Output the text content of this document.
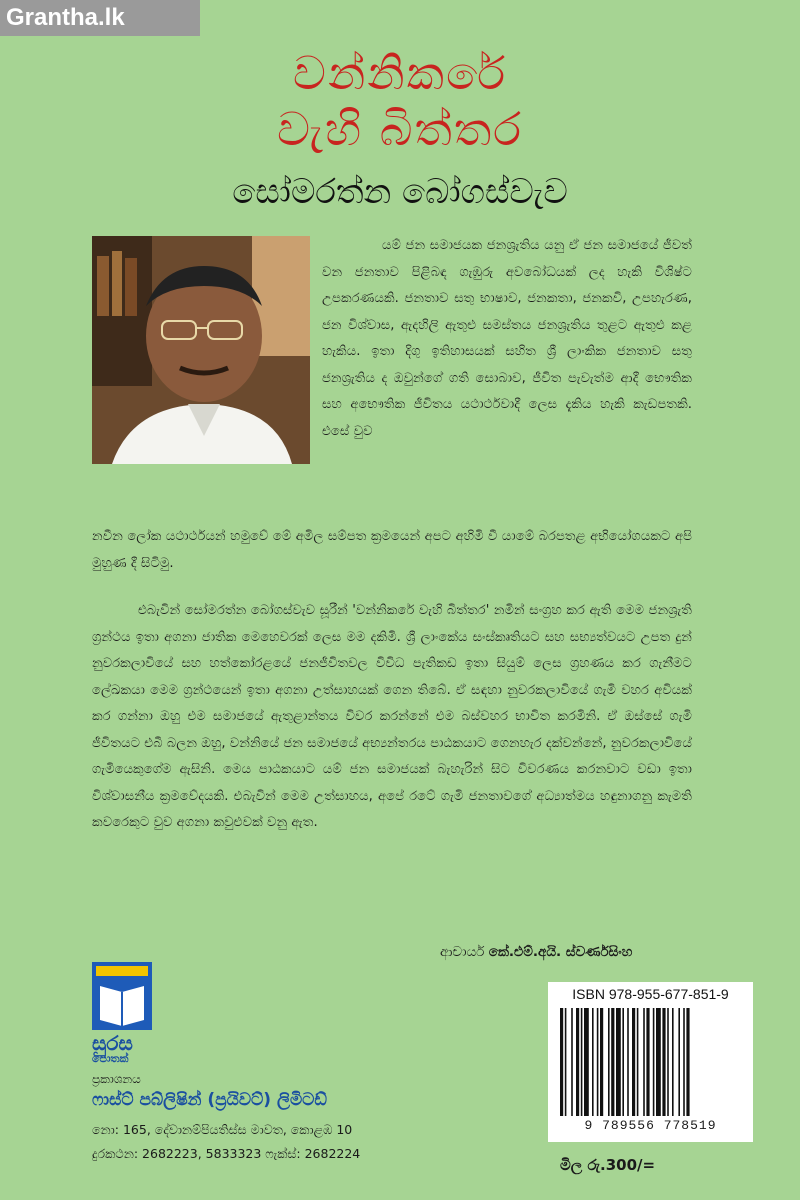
Grantha.lk
වන්නිකරේ
වැහි බිත්තර
සෝමරත්න බෝගස්වැව
යම් ජන සමාජයක ජනශ්‍රැතිය යනු ඒ ජන සමාජයේ ජීවත් වන ජනතාව පිළිබඳ ගැඹුරු අවබෝධයක් ලද හැකි විශිෂ්ට උපකරණයකි. ජනතාව සතු භාෂාව, ජනකතා, ජනකවි, උපහැරණ, ජන විශ්වාස, ඇදහිලි ඇතුළු සමස්තය ජනශ්‍රැතිය තුළට ඇතුළු කළ හැකිය. ඉතා දිගු ඉතිහාසයක් සහිත ශ්‍රී ලාංකික ජනතාව සතු ජනශ්‍රැතිය ද ඔවුන්ගේ ගති සොබාව, ජීවිත පැවැත්ම ආදී භෞතික සහ අභෞතික ජීවිතය යථාර්ථවාදී ලෙස දැකිය හැකි කැඩපතකි. එසේ වුව
නවීන ලෝක යථාර්ථයන් හමුවේ මේ අමිල සම්පත ක්‍රමයෙන් අපට අහිමි වී යාමේ බරපතළ අභියෝගයකට අපි මුහුණ දී සිටිමු.
එබැවින් සෝමරත්න බෝගස්වැව සූරීන් 'වන්නිකරේ වැහි බිත්තර' නමින් සංග්‍රහ කර ඇති මෙම ජනශ්‍රැති ග්‍රන්ථය ඉතා අගනා ජාතික මෙහෙවරක් ලෙස මම දකිමි. ශ්‍රී ලාංකේය සංස්කෘතියට සහ සභ්‍යත්වයට උපත දුන් නුවරකලාවියේ සහ හත්කෝරළයේ ජනජීවිතවල විවිධ පැතිකඩ ඉතා සියුම් ලෙස ග්‍රහණය කර ගැනීමට ලේඛකයා මෙම ග්‍රන්ථයෙන් ඉතා අගනා උත්සාහයක් ගෙන තිබේ. ඒ සඳහා නුවරකලාවියේ ගැමි වහර අවියක් කර ගන්නා ඔහු එම සමාජයේ ඇතුළාන්තය විවර කරන්නේ එම බස්වහර භාවිත කරමිනි. ඒ ඔස්සේ ගැමි ජීවිතයට එබී බලන ඔහු, වන්නියේ ජන සමාජයේ අභ්‍යන්තරය පාඨකයාට ගෙනහැර දක්වන්නේ, නුවරකලාවියේ ගැමියෙකුගේම ඇසිනි. මෙය පාඨකයාට යම් ජන සමාජයක් බැහැරින් සිට විවරණය කරනවාට වඩා ඉතා විශ්වාසනීය ක්‍රමවේදයකි. එබැවින් මෙම උත්සාහය, අපේ රටේ ගැමි ජනතාවගේ අධ්‍යාත්මය හඳුනාගනු කැමති කවරෙකුට වුව අගනා කවුළුවක් වනු ඇත.
ආචාර්ය කේ.එම්.අයි. ස්වර්ණසිංහ
සුරස
පොතක්
ප්‍රකාශනය
ෆාස්ට් පබ්ලිෂින් (ප්‍රයිවට්) ලිමිටඩ්
නො: 165, දේවානම්පියතිස්ස මාවත, කොළඹ 10
දුරකථන: 2682223, 5833323 ෆැක්ස්: 2682224
ISBN 978-955-677-851-9
9 789556 778519
මිල රු.300/=
